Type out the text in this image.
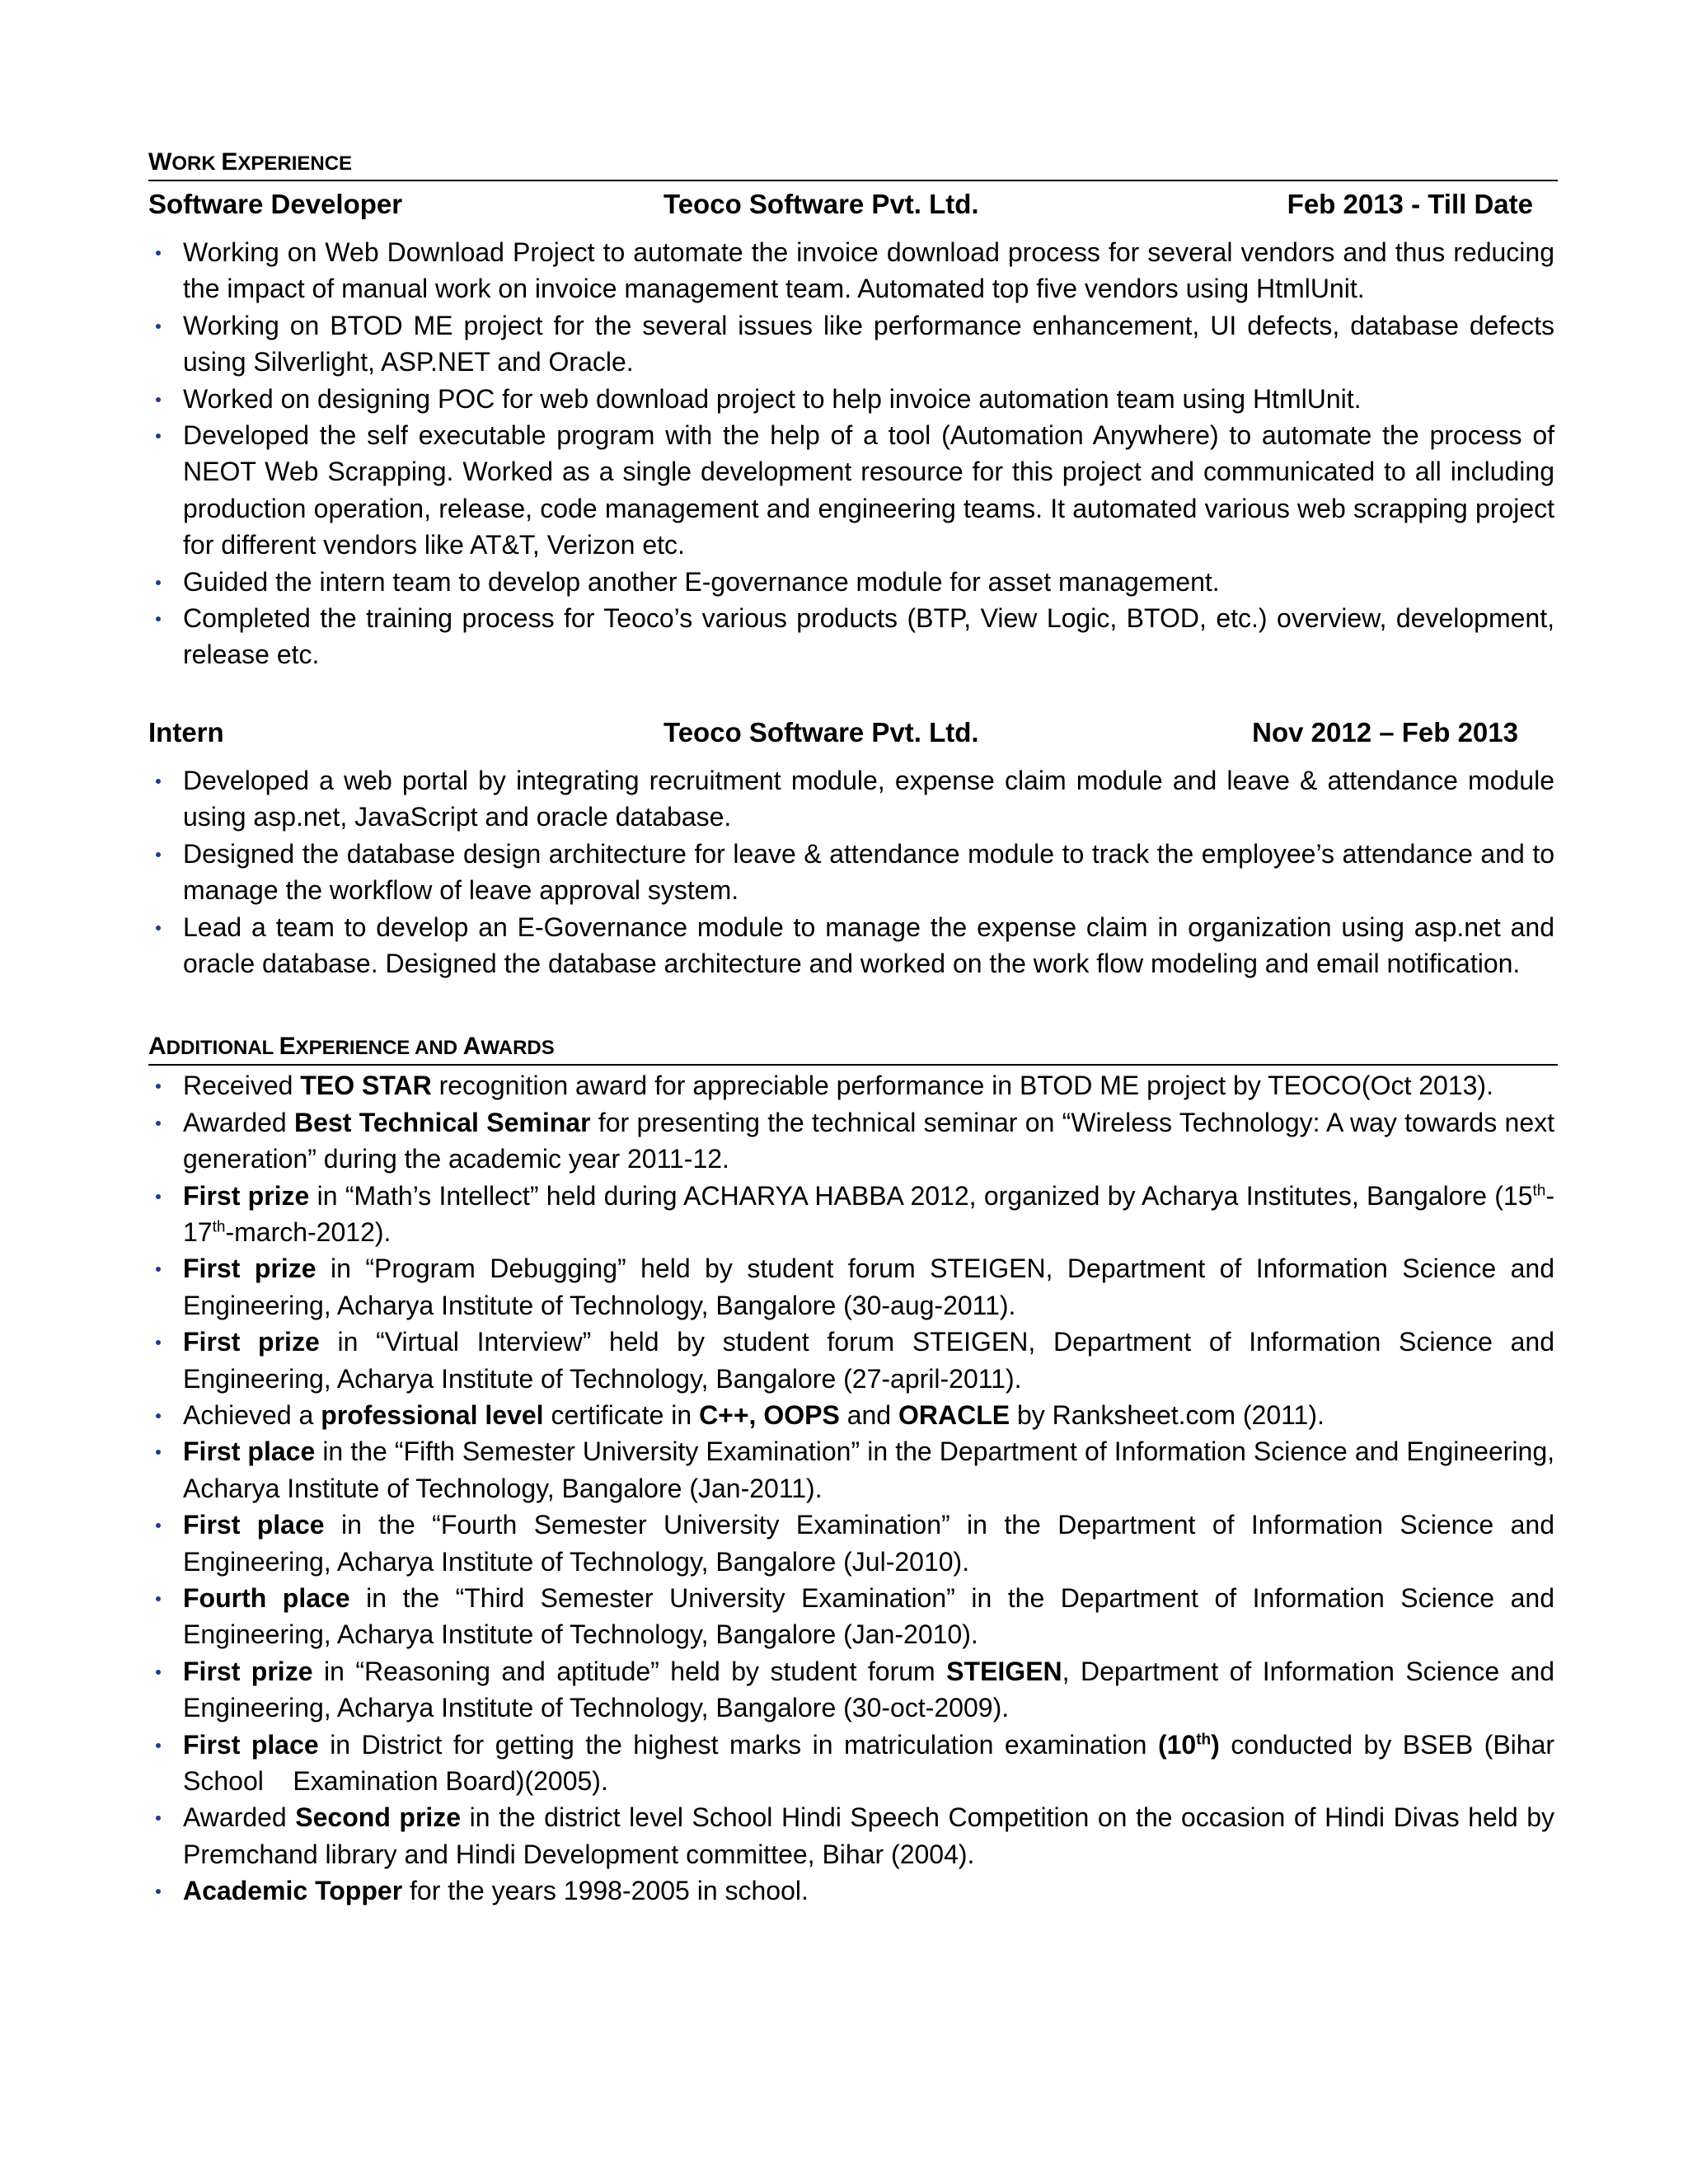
WORK EXPERIENCE
Software Developer	Teoco Software Pvt. Ltd.	Feb 2013 - Till Date
Working on Web Download Project to automate the invoice download process for several vendors and thus reducing the impact of manual work on invoice management team. Automated top five vendors using HtmlUnit.
Working on BTOD ME project for the several issues like performance enhancement, UI defects, database defects using Silverlight, ASP.NET and Oracle.
Worked on designing POC for web download project to help invoice automation team using HtmlUnit.
Developed the self executable program with the help of a tool (Automation Anywhere) to automate the process of NEOT Web Scrapping. Worked as a single development resource for this project and communicated to all including production operation, release, code management and engineering teams. It automated various web scrapping project for different vendors like AT&T, Verizon etc.
Guided the intern team to develop another E-governance module for asset management.
Completed the training process for Teoco’s various products (BTP, View Logic, BTOD, etc.) overview, development, release etc.
Intern	Teoco Software Pvt. Ltd.	Nov 2012 – Feb 2013
Developed a web portal by integrating recruitment module, expense claim module and leave & attendance module using asp.net, JavaScript and oracle database.
Designed the database design architecture for leave & attendance module to track the employee’s attendance and to manage the workflow of leave approval system.
Lead a team to develop an E-Governance module to manage the expense claim in organization using asp.net and oracle database. Designed the database architecture and worked on the work flow modeling and email notification.
ADDITIONAL EXPERIENCE AND AWARDS
Received TEO STAR recognition award for appreciable performance in BTOD ME project by TEOCO(Oct 2013).
Awarded Best Technical Seminar for presenting the technical seminar on “Wireless Technology: A way towards next generation” during the academic year 2011-12.
First prize in “Math’s Intellect” held during ACHARYA HABBA 2012, organized by Acharya Institutes, Bangalore (15th-17th-march-2012).
First prize in “Program Debugging” held by student forum STEIGEN, Department of Information Science and Engineering, Acharya Institute of Technology, Bangalore (30-aug-2011).
First prize in “Virtual Interview” held by student forum STEIGEN, Department of Information Science and Engineering, Acharya Institute of Technology, Bangalore (27-april-2011).
Achieved a professional level certificate in C++, OOPS and ORACLE by Ranksheet.com (2011).
First place in the “Fifth Semester University Examination” in the Department of Information Science and Engineering, Acharya Institute of Technology, Bangalore (Jan-2011).
First place in the “Fourth Semester University Examination” in the Department of Information Science and Engineering, Acharya Institute of Technology, Bangalore (Jul-2010).
Fourth place in the “Third Semester University Examination” in the Department of Information Science and Engineering, Acharya Institute of Technology, Bangalore (Jan-2010).
First prize in “Reasoning and aptitude” held by student forum STEIGEN, Department of Information Science and Engineering, Acharya Institute of Technology, Bangalore (30-oct-2009).
First place in District for getting the highest marks in matriculation examination (10th) conducted by BSEB (Bihar School    Examination Board)(2005).
Awarded Second prize in the district level School Hindi Speech Competition on the occasion of Hindi Divas held by Premchand library and Hindi Development committee, Bihar (2004).
Academic Topper for the years 1998-2005 in school.
